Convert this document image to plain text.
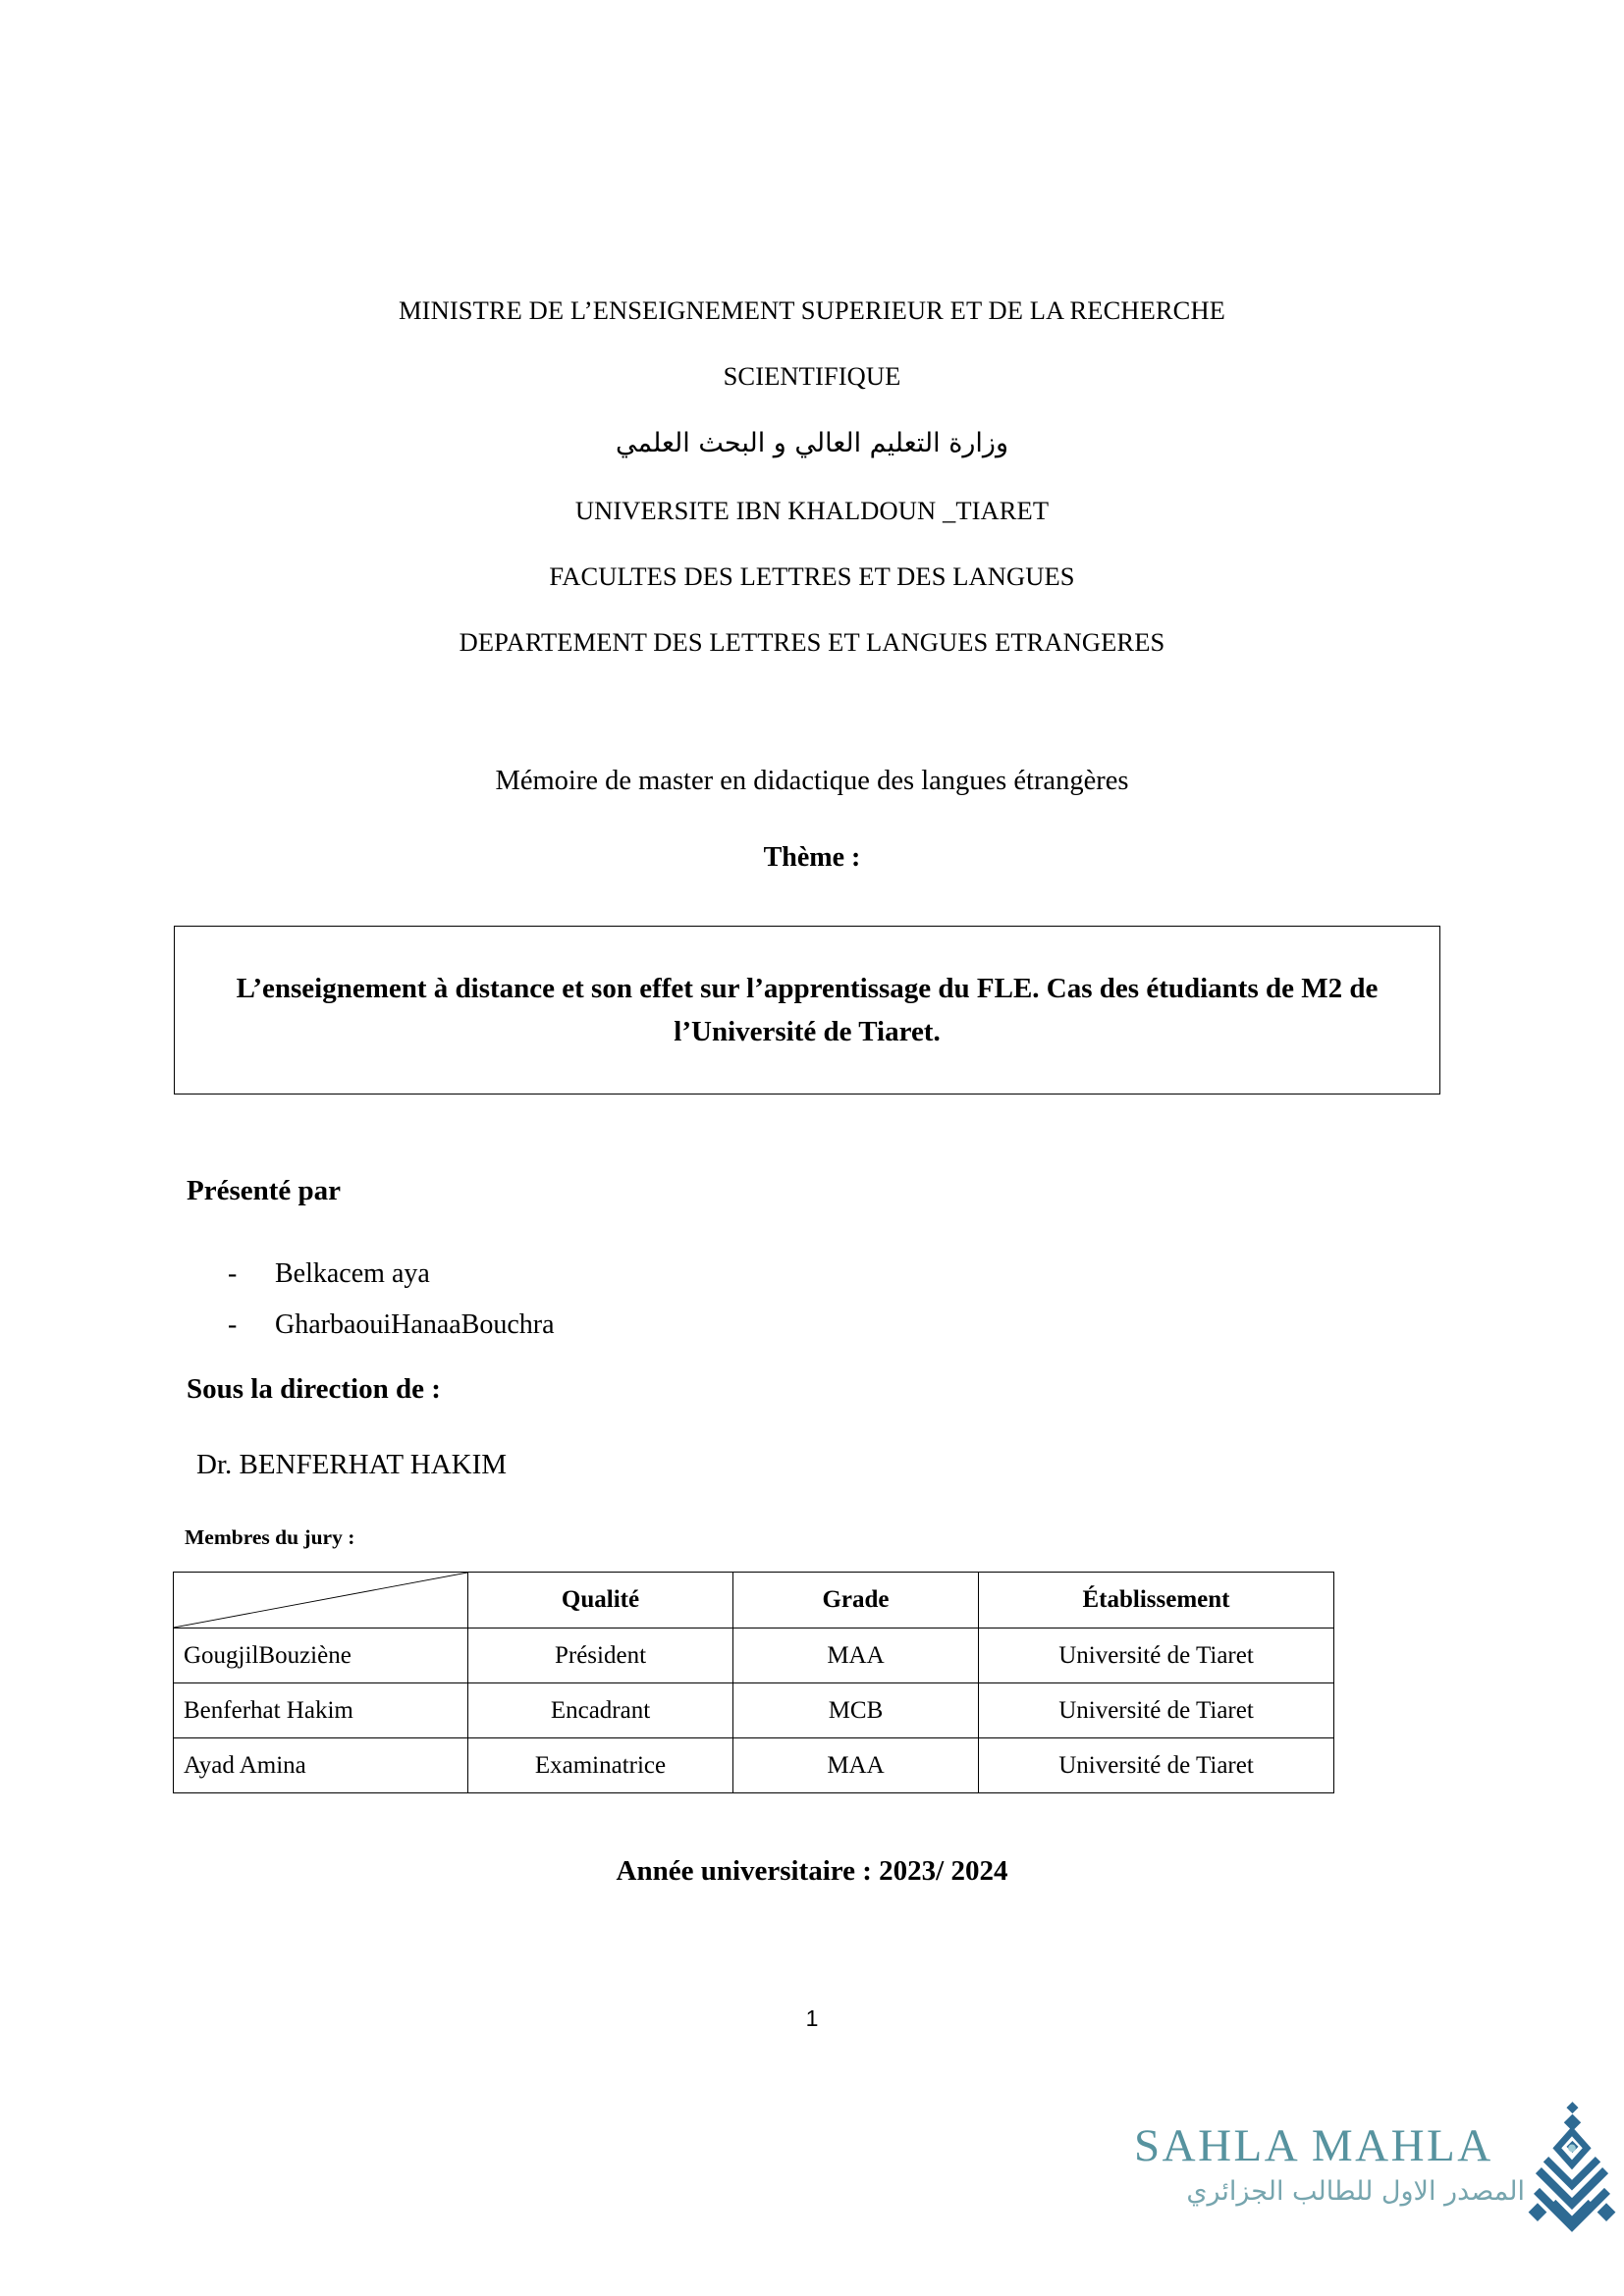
MINISTRE DE L’ENSEIGNEMENT SUPERIEUR ET DE LA RECHERCHE
SCIENTIFIQUE
وزارة التعليم العالي و البحث العلمي
UNIVERSITE IBN KHALDOUN _TIARET
FACULTES DES LETTRES ET DES LANGUES
DEPARTEMENT DES LETTRES ET LANGUES ETRANGERES
Mémoire de master en didactique des langues étrangères
Thème :
L’enseignement à distance et son effet sur l’apprentissage du FLE. Cas des étudiants de M2 de l’Université de Tiaret.
Présenté par
-	Belkacem aya
-	GharbaouiHanaaBouchra
Sous la direction de :
Dr. BENFERHAT HAKIM
Membres du jury :
	Qualité	Grade	Établissement
GougjilBouziène	Président	MAA	Université de Tiaret
Benferhat Hakim	Encadrant	MCB	Université de Tiaret
Ayad Amina	Examinatrice	MAA	Université de Tiaret
Année universitaire : 2023/ 2024
1
SAHLA MAHLA
المصدر الاول للطالب الجزائري
